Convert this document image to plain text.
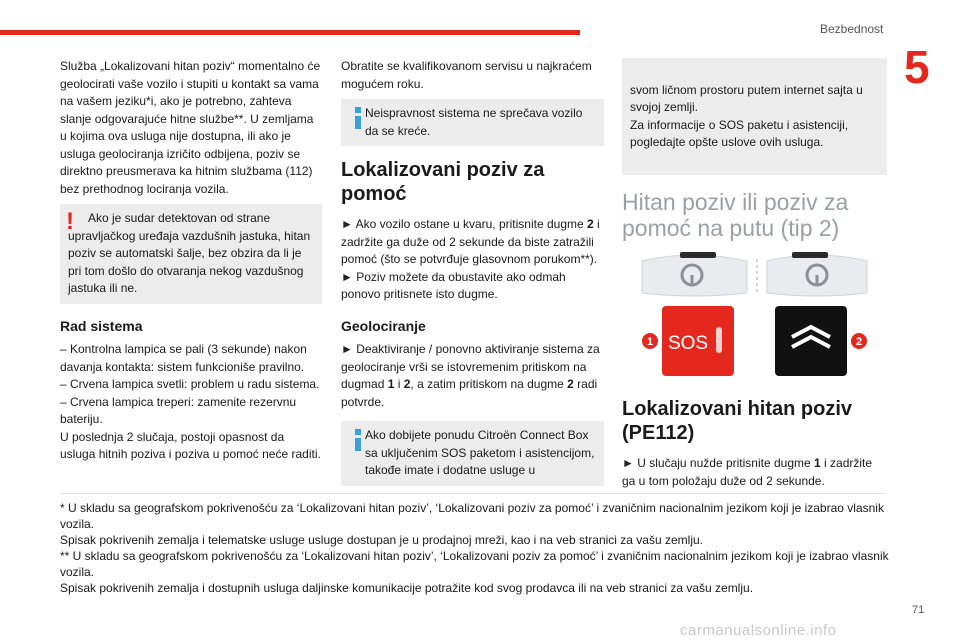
Bezbednost
5

Služba „Lokalizovani hitan poziv“ momentalno će geolocirati vaše vozilo i stupiti u kontakt sa vama na vašem jeziku*i, ako je potrebno, zahteva slanje odgovarajuće hitne službe**. U zemljama u kojima ova usluga nije dostupna, ili ako je usluga geolociranja izričito odbijena, poziv se direktno preusmerava ka hitnim službama (112) bez prethodnog lociranja vozila.

!	Ako je sudar detektovan od strane upravljačkog uređaja vazdušnih jastuka, hitan poziv se automatski šalje, bez obzira da li je pri tom došlo do otvaranja nekog vazdušnog jastuka ili ne.

Rad sistema

– Kontrolna lampica se pali (3 sekunde) nakon davanja kontakta: sistem funkcioniše pravilno.

– Crvena lampica svetli: problem u radu sistema.

– Crvena lampica treperi: zamenite rezervnu bateriju.

U poslednja 2 slučaja, postoji opasnost da usluga hitnih poziva i poziva u pomoć neće raditi.

Obratite se kvalifikovanom servisu u najkraćem mogućem roku.

Neispravnost sistema ne sprečava vozilo da se kreće.

Lokalizovani poziv za pomoć

► Ako vozilo ostane u kvaru, pritisnite dugme 2 i zadržite ga duže od 2 sekunde da biste zatražili pomoć (što se potvrđuje glasovnom porukom**).

► Poziv možete da obustavite ako odmah ponovo pritisnete isto dugme.

Geolociranje

► Deaktiviranje / ponovno aktiviranje sistema za geolociranje vrši se istovremenim pritiskom na dugmad 1 i 2, a zatim pritiskom na dugme 2 radi potvrde.

Ako dobijete ponudu Citroën Connect Box sa uključenim SOS paketom i asistencijom, takođe imate i dodatne usluge u

svom ličnom prostoru putem internet sajta u svojoj zemlji.
Za informacije o SOS paketu i asistenciji, pogledajte opšte uslove ovih usluga.

Hitan poziv ili poziv za pomoć na putu (tip 2)
SOS
1	2
Lokalizovani hitan poziv (PE112)

► U slučaju nužde pritisnite dugme 1 i zadržite ga u tom položaju duže od 2 sekunde.

* U skladu sa geografskom pokrivenošću za ‘Lokalizovani hitan poziv’, ‘Lokalizovani poziv za pomoć’ i zvaničnim nacionalnim jezikom koji je izabrao vlasnik vozila.

Spisak pokrivenih zemalja i telematske usluge usluge dostupan je u prodajnoj mreži, kao i na veb stranici za vašu zemlju.

** U skladu sa geografskom pokrivenošću za ‘Lokalizovani hitan poziv’, ‘Lokalizovani poziv za pomoć’ i zvaničnim nacionalnim jezikom koji je izabrao vlasnik vozila.

Spisak pokrivenih zemalja i dostupnih usluga daljinske komunikacije potražite kod svog prodavca ili na veb stranici za vašu zemlju.

71
carmanualsonline.info
